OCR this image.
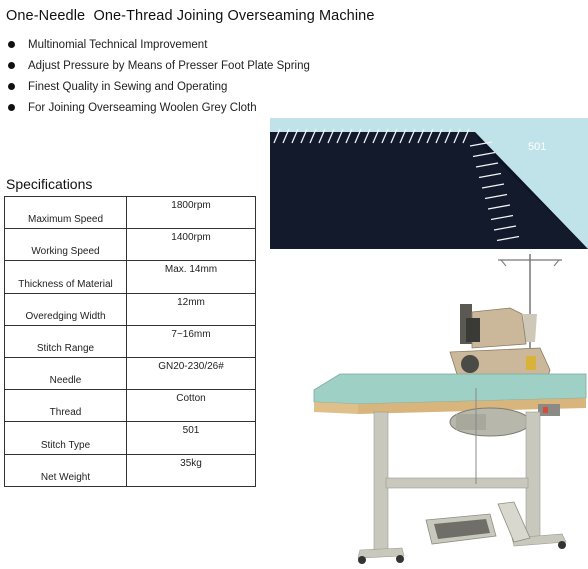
One-Needle  One-Thread Joining Overseaming Machine
Multinomial Technical Improvement
Adjust Pressure by Means of Presser Foot Plate Spring
Finest Quality in Sewing and Operating
For Joining Overseaming Woolen Grey Cloth
Specifications
Maximum Speed	1800rpm
Working Speed	1400rpm
Thickness of Material	Max. 14mm
Overedging Width	12mm
Stitch Range	7~16mm
Needle	GN20-230/26#
Thread	Cotton
Stitch Type	501
Net Weight	35kg
501
